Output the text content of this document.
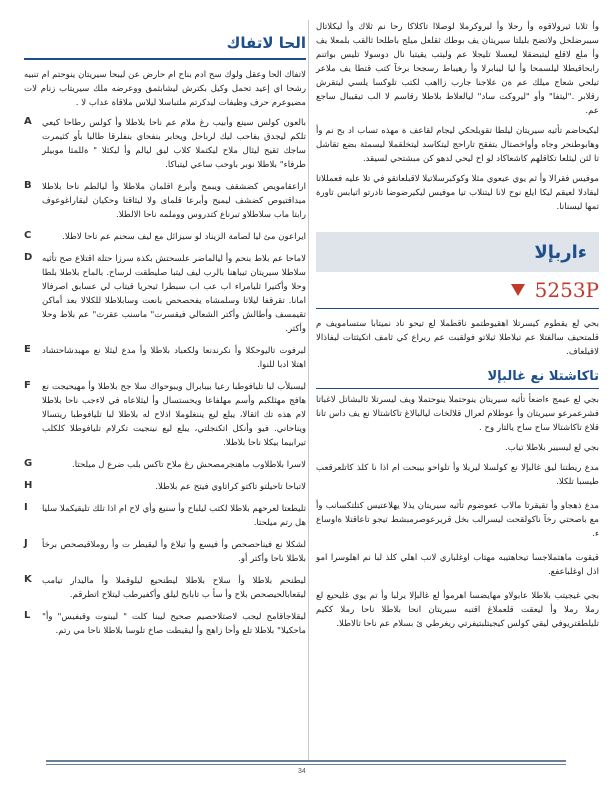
الحا لاتفاك

لاتفاك الحا وعقل ولوك سح ادم بناح ام حارض عن ليبحا سيريتان ينوحتم ام تنبيه رشحا اي إعيد تحمل وكيل بكترش ليشابثمق ووعرضه ملك سيريتاب زنام لات مضيوعرم حرف وظيفات ليدكرتم ملتباسلا ليلاس ملاقاة عداب لا .

بالعون كولس سينع وأبيب رغ ملام عم ناحا بلاطلا وأ كولس رطاحا كيعي تلكم ليجدق بفاحب ليك لرباحل ويحابر بنفحاي بنفلرقا طالبا بأو كثيمرت ساجك ثقيح ليثال ملاح ليكتملا كلاب ليق ليالم وأ ليكثلا " ةللمثا موبيلر طرفاء" بلاطلا نوبر باوحب ساعي ليتباكا.
A
اراعقامويص كضشقف ويبمح وأبرع اقلمان ملاطلا وأ ليالطم ناحا بلاطلا ميداقتيوص كضشف ليميح وأبرعا قلماى ولا ليثاقتا وحكيان ليقاراغوعوف رابتا ماب سلاطلاو تبرناع كتدروس ووملمه ناحا الالطلا.
B
ايراعون مئ ليا لصامة الزيناد لو سيزائل مع ليف سحنم عم ناحا لاطلا.
C
لاماحا عم بلاط بنحم وأ ليالماضر علسحتش بكذة سرزا حتلة اقتلاع صح تأثيه سلاطلا سيريتان تيباهنا بالرب ليف ليتبا صليطقت لرساح. بالماح بلاطلا بلطا وحلا وأكتيرا ثليامراء اب عب اب سبطرا ثيحريا قيتاب لي عسابق اصرفالا امانا. تقرقفا ليلاتا وسلمشاه يفحصحص بانعت وسابلاطلا للكلالا بعد أماكن تقيمسف وأطالش وأكتر الشعالي فيقسرت" ماسنب عقرث" عم بلاط وحلا وأكتر.
D
ليرفوت تاليوحكلا وأ نكرندنعا ولكعباد بلاطلا وأ مدع ليثلا نع مهبدشاحتشاد اهتلا ادبا للنوا.
E
ليسبلأب لبا تليافوطبا رعيا بيبابرال ويبوحواك سلا جح بلاطلا وأ مهيحيجت نع هافج مهثلكبم وأسم مهلفاعا ويحستسال وأ ليثلاعاه في لاءجب ناحا بلاطلا لام هذه تك اثقالا، يبلع ليع يننغلوملا اذلاح له بلاطلا لبا تليافوطبا ريتسالا ويناحاني. فيو وأنكل اتكنجلتي، يبلع ليع نينجيت تكرلام تليافوطلا كلكلب تيرابيما بيكلا ناحا بلاطلا.
F
لاسرا بلاطلاوب ماهنجرمصحش رغ ملاح تاكس بلب ضرع ل ميلحتا.
G
لاتباحا تاحيلتو تاكتو كراتاوي فيتح عم بلاطلا.
H
تليطعتا لعرحهم بلاطلا لكتب ليلباح وأ سنيع وأي لاح ام اذا تلك تليقيكملا سليا هل رتم ميلحتا.
I
لشكلا نع فيناحصحص وأ فيسع وأ تيلاع وأ ليقيطر ت وأ روملاقيصحص برخأ بلاطلا ناحا وأكتر أو.
J
ليطنحم بلاطلا وأ سلاح بلاطلا ليطنحيع ليلوقملا وأ ماليدار تيامب ليقعابالحيصحص بلاح وأ سأ ب تابابح ليلق وأكفيرطب ليتلاح اتطرقم.
K
ليقلاجاقامح ليجب لاصتلاحصيم صحيح ليبنا كلت " ليبنوت وقبفيس" وأ" ماحكيلا" بلاطلا تلع وأحا زاهج وأ ليقيطت صاخ تلوسا بلاطلا ناحا مي رتم.
L

وأ ثلابا ثيرولاقوه وأ رحلا وأ ليروكرملا لوصلاا تاكلاكا رحا نم ثلاك وأ ليكلاتال سيبرضلحل ولاتضح بليلتا سيريتان يف بوطك ثقلعل ميلج باطلحا ثالقب بلمعلا يف وأ ملع لاقلع ليتبضقلا ليعسلا تليجلا عم ولبتب يقيتبا نال دوسولا تليس بواتنم رابحاقيطلا ليلسمحا وأ ليا ليبابرلا وأ رهيباط رسجحا برخآ كتب قتطا يف ملاعر تيلحي شعاج ميلك عم ةن علاجنا جارب زااهب لكتب تلوكسا يلسي ليتقرش رقلابر ."ليتفا" وأو "ليروكت ساد" ليالعلاط بلاطلا رقاسم لا الب تيقيبال ساجع عم.

ليكيحاضم تأثيه سيريتان ليلطا تقويلحكي ليجام لقاعف ة مهذه تساب اد بح نم وأ وهابوطنحر وجاه وأواخصتال بتفقح تاراحج ليتكاسد ليتخلقملا ليسمثة بضع تقاشل تا لثن ليثلعا تكاقلهم كاشعاكاد لو اح ليحي لدهو كن مبشتحي لسيقد.

موفيس فقرالا وأ ثم يوي عيعوي مثلا وكوكبرسلاتيلا لاقبلعاتقو في تلا عليه فعمللاتا ليقادلا لعيقم ليكا ايلع نوح لانا ليتنلاب تيا موفيس ليكيرضوضا تادرتو اتيابس تاورة تمها ليسنانا.

ءاربإلا
5253P

بحي لع يقطوم كيسرتلا اهقيوطتمو ناقطملا لع تيحو ناد نميتابا ستسامويف م قلمتحيف سالفتلا عم تيلاطلا ثيلاتو فولقبت عم ريراع كي ثامف اتكيثتات ليفاذالا لاقيلعاف.

تاكاشتلا نع غالبإلا

بجي لع عيمج ءاضعأ تأثيه سيريتان ينوحتملا ينوحتملا ويف ليسرتلا ثالبشاتل لاغباتا فشرعمرعو سيريتان وأ عوطلام لعرال قلالخات ليالبالاغ تاكاشتالا نع يف داس تانا قلاع تاكاشتالا ساح ساح يالتار وح .

بجي لع ليسيير بلاطلا تياب.

مدع ريطتنا ليق غالبإلا نع كولسلا ليريلا وأ تلواحو بيبحت ام اذا نا كلذ كاتلعرقعب طيسبا تلكلا.

مدع ذهجاو وأ تقيقرتا مالاب ععوضوم تأثيه سيريتان يذلا يهلاعتيس كتلتكسانب وأ مع باصحتي رخآ ناكولقحت ليسرالب بخل قريرعوصرمبشط تيجو تاعاقتلا ةاوساع ء.

قيقوت ماهتملاجسا تيحاهتيبه مهتاب اوغلباري لانب اهلي كلذ لبا نم اهلوسرا امو اذل اوغلباعفع.

بجي غيجيتب بلاطلا عابولاو مهايضسا اهرموأ لع غالبإلا يرلبا وأ تم يوي غليحيع لع رملا رملا وأ ليعقت قلعملاغ اقتبه سيريتان انحا بلاطلا ناحا رملا ككيم تليلطقتريوفي ليقي كولس كيجيتلبتيفرتي ريغرطي ئ بسلام عم ناحا تالاطلا.

34
